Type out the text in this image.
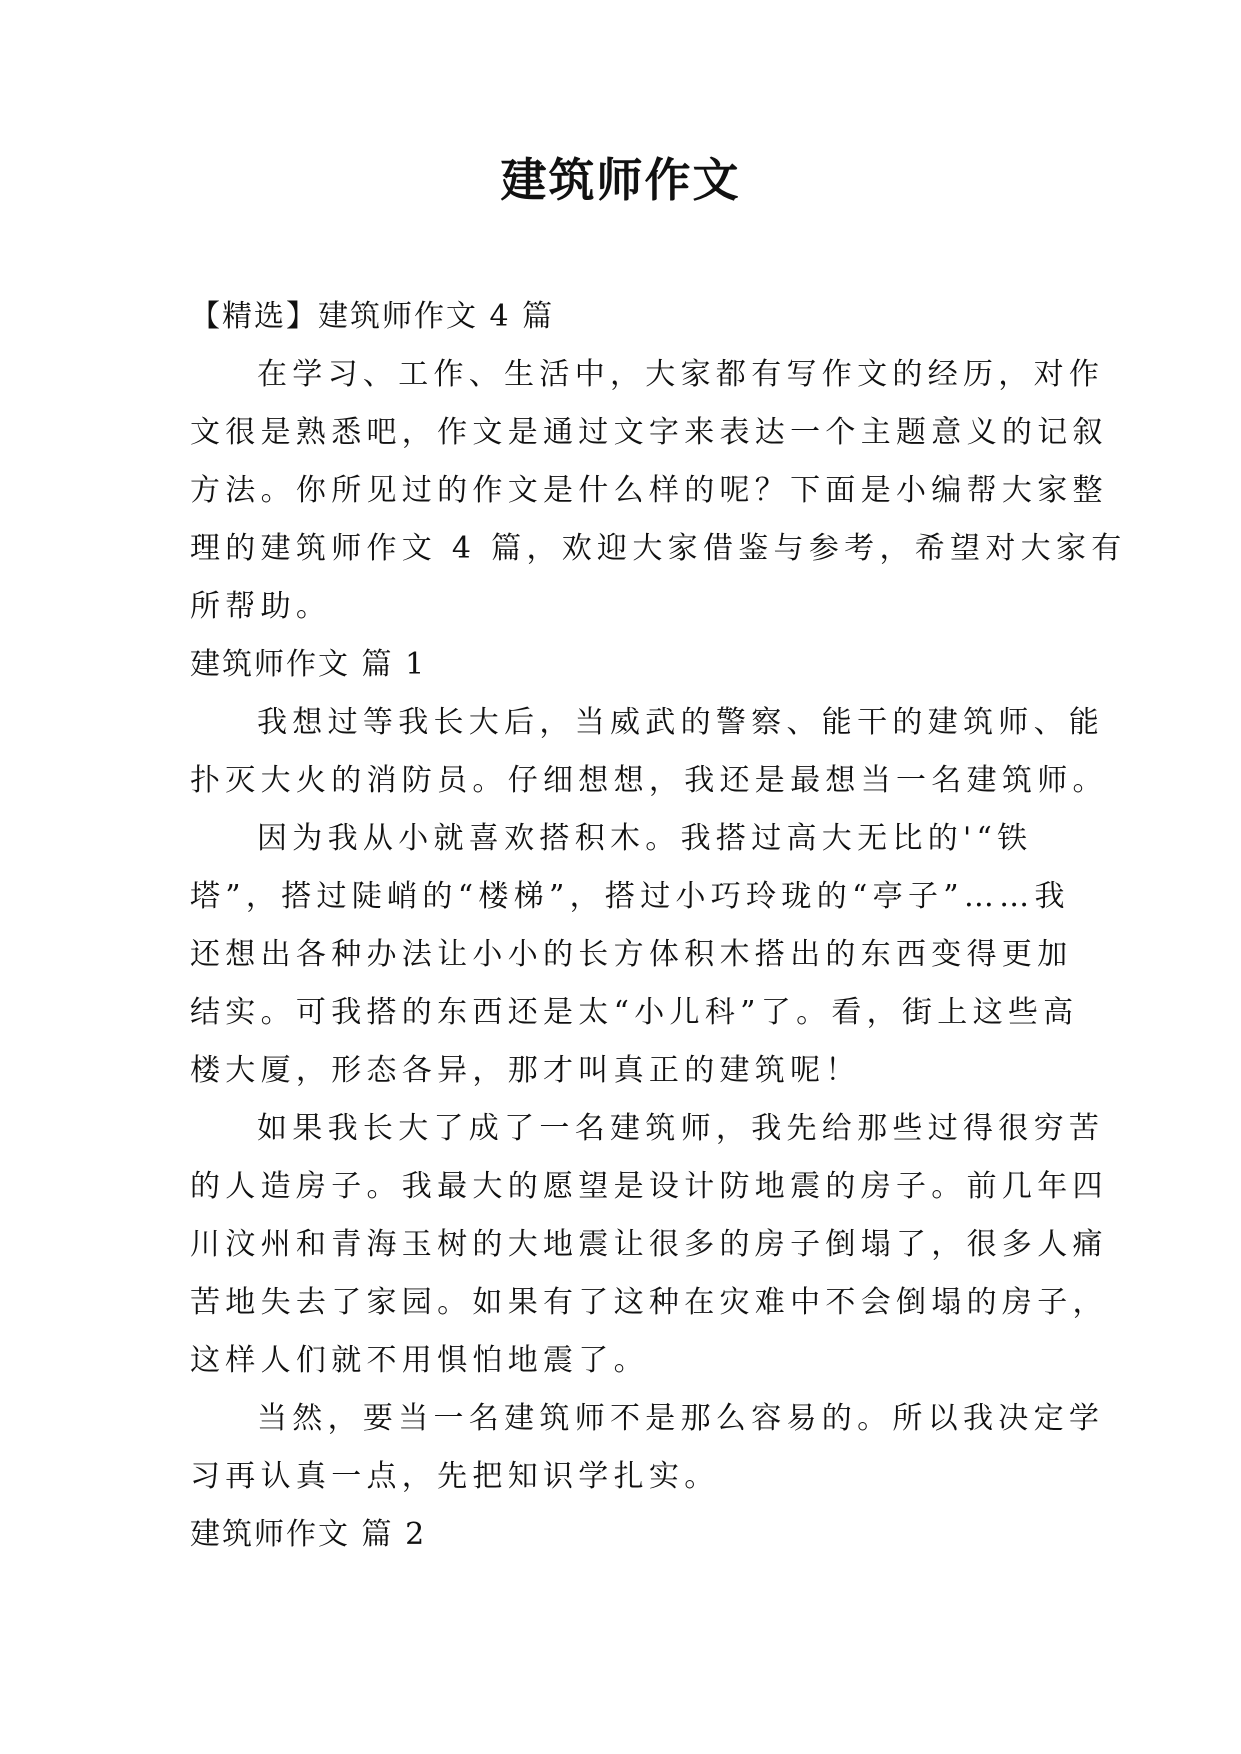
建筑师作文
【精选】建筑师作文 4 篇
在学习、工作、生活中，大家都有写作文的经历，对作
文很是熟悉吧，作文是通过文字来表达一个主题意义的记叙
方法。你所见过的作文是什么样的呢？下面是小编帮大家整
理的建筑师作文 4 篇，欢迎大家借鉴与参考，希望对大家有
所帮助。
建筑师作文 篇 1
我想过等我长大后，当威武的警察、能干的建筑师、能
扑灭大火的消防员。仔细想想，我还是最想当一名建筑师。
因为我从小就喜欢搭积木。我搭过高大无比的'“铁
塔”，搭过陡峭的“楼梯”，搭过小巧玲珑的“亭子”……我
还想出各种办法让小小的长方体积木搭出的东西变得更加
结实。可我搭的东西还是太“小儿科”了。看，街上这些高
楼大厦，形态各异，那才叫真正的建筑呢！
如果我长大了成了一名建筑师，我先给那些过得很穷苦
的人造房子。我最大的愿望是设计防地震的房子。前几年四
川汶州和青海玉树的大地震让很多的房子倒塌了，很多人痛
苦地失去了家园。如果有了这种在灾难中不会倒塌的房子，
这样人们就不用惧怕地震了。
当然，要当一名建筑师不是那么容易的。所以我决定学
习再认真一点，先把知识学扎实。
建筑师作文 篇 2
